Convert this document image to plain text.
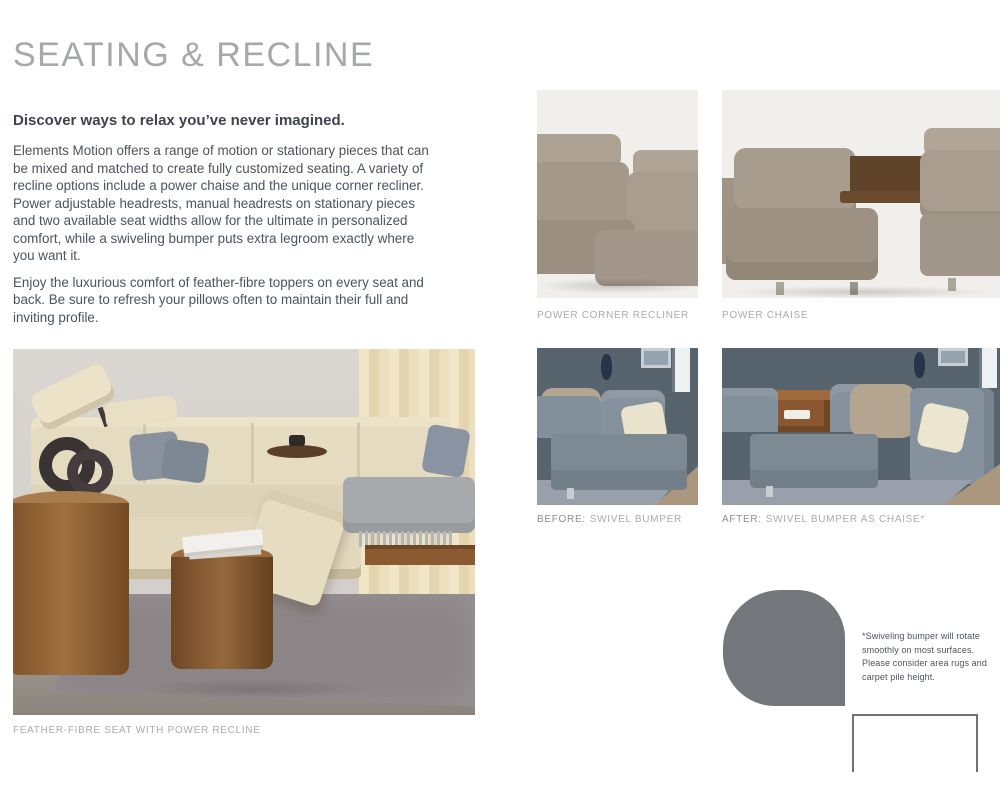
SEATING & RECLINE
Discover ways to relax you’ve never imagined.

Elements Motion offers a range of motion or stationary pieces that can be mixed and matched to create fully customized seating. A variety of recline options include a power chaise and the unique corner recliner. Power adjustable headrests, manual headrests on stationary pieces and two available seat widths allow for the ultimate in personalized comfort, while a swiveling bumper puts extra legroom exactly where you want it.

Enjoy the luxurious comfort of feather-fibre toppers on every seat and back. Be sure to refresh your pillows often to maintain their full and inviting profile.	POWER CORNER RECLINER	POWER CHAISE
BEFORE: SWIVEL BUMPER	AFTER: SWIVEL BUMPER AS CHAISE*
FEATHER-FIBRE SEAT WITH POWER RECLINE
*Swiveling bumper will rotate smoothly on most surfaces. Please consider area rugs and carpet pile height.
